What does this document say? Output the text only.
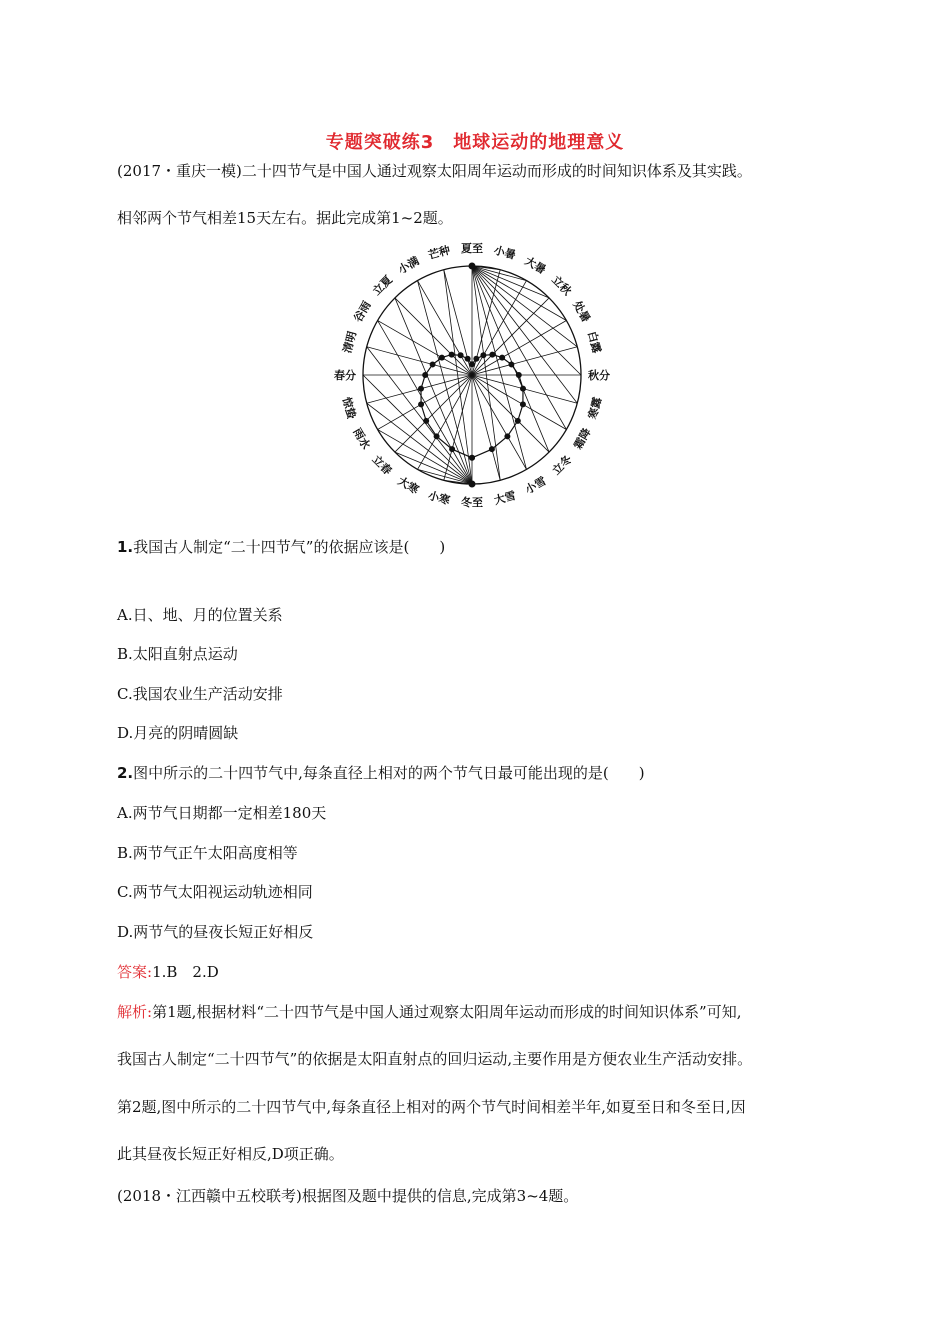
专题突破练3　地球运动的地理意义
(2017・重庆一模)二十四节气是中国人通过观察太阳周年运动而形成的时间知识体系及其实践。
相邻两个节气相差15天左右。据此完成第1~2题。
夏至 小暑
大暑
立秋
处暑
白露
秋分
寒露
霜降
立冬
小雪
大雪
冬至
小寒
大寒
立春
雨水
惊蛰
春分
清明
谷雨
立夏
小满
芒种
1.我国古人制定“二十四节气”的依据应该是(　　)
A.日、地、月的位置关系
B.太阳直射点运动
C.我国农业生产活动安排
D.月亮的阴晴圆缺
2.图中所示的二十四节气中,每条直径上相对的两个节气日最可能出现的是(　　)
A.两节气日期都一定相差180天
B.两节气正午太阳高度相等
C.两节气太阳视运动轨迹相同
D.两节气的昼夜长短正好相反
答案:1.B　2.D
解析:第1题,根据材料“二十四节气是中国人通过观察太阳周年运动而形成的时间知识体系”可知,
我国古人制定“二十四节气”的依据是太阳直射点的回归运动,主要作用是方便农业生产活动安排。
第2题,图中所示的二十四节气中,每条直径上相对的两个节气时间相差半年,如夏至日和冬至日,因
此其昼夜长短正好相反,D项正确。
(2018・江西赣中五校联考)根据图及题中提供的信息,完成第3~4题。
